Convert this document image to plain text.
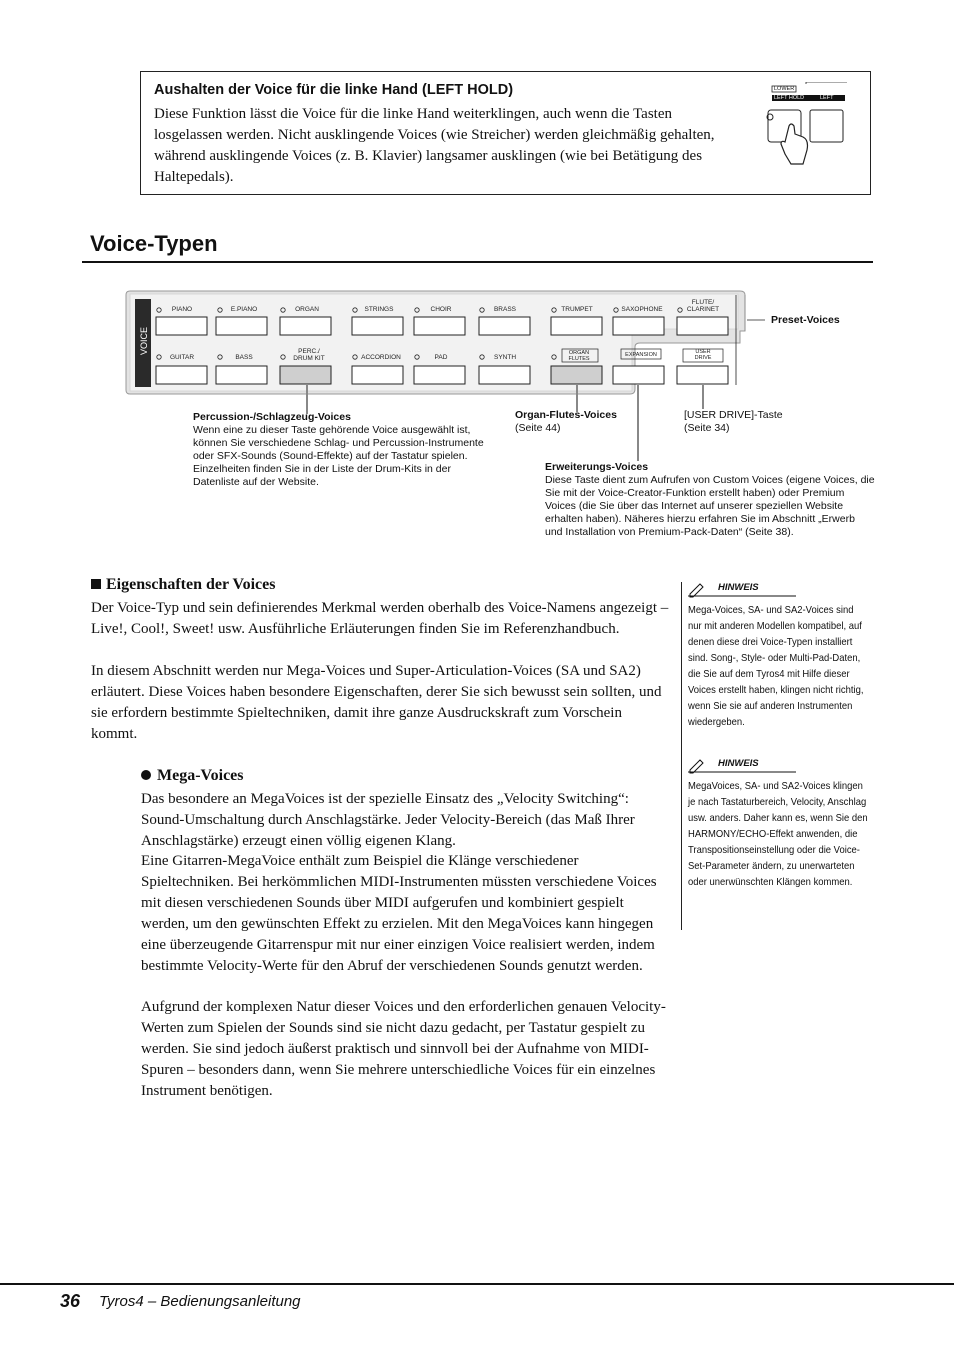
Aushalten der Voice für die linke Hand (LEFT HOLD)
Diese Funktion lässt die Voice für die linke Hand weiterklingen, auch wenn die Tasten losgelassen werden. Nicht ausklingende Voices (wie Streicher) werden gleichmäßig gehalten, während ausklingende Voices (z. B. Klavier) langsamer ausklingen (wie bei Betätigung des Haltepedals).
LOWER
LEFT HOLD	LEFT
Voice-Typen
VOICE
PIANO	E.PIANO	ORGAN	STRINGS	CHOIR	BRASS	TRUMPET	SAXOPHONE
FLUTE/
CLARINET
GUITAR	BASS
PERC./
DRUM KIT	ACCORDION	PAD	SYNTH
ORGAN
FLUTES
EXPANSION	USER
DRIVE
Preset-Voices
Percussion-/Schlagzeug-Voices
Wenn eine zu dieser Taste gehörende Voice ausgewählt ist, können Sie verschiedene Schlag- und Percussion-Instrumente oder SFX-Sounds (Sound-Effekte) auf der Tastatur spielen. Einzelheiten finden Sie in der Liste der Drum-Kits in der Datenliste auf der Website.
Organ-Flutes-Voices
(Seite 44)
[USER DRIVE]-Taste
(Seite 34)
Erweiterungs-Voices
Diese Taste dient zum Aufrufen von Custom Voices (eigene Voices, die Sie mit der Voice-Creator-Funktion erstellt haben) oder Premium Voices (die Sie über das Internet auf unserer speziellen Website erhalten haben). Näheres hierzu erfahren Sie im Abschnitt „Erwerb und Installation von Premium-Pack-Daten“ (Seite 38).
Eigenschaften der Voices
Der Voice-Typ und sein definierendes Merkmal werden oberhalb des Voice-Namens angezeigt – Live!, Cool!, Sweet! usw. Ausführliche Erläuterungen finden Sie im Referenzhandbuch.
In diesem Abschnitt werden nur Mega-Voices und Super-Articulation-Voices (SA und SA2) erläutert. Diese Voices haben besondere Eigenschaften, derer Sie sich bewusst sein sollten, und sie erfordern bestimmte Spieltechniken, damit ihre ganze Ausdruckskraft zum Vorschein kommt.
Mega-Voices
Das besondere an MegaVoices ist der spezielle Einsatz des „Velocity Switching“: Sound-Umschaltung durch Anschlagstärke. Jeder Velocity-Bereich (das Maß Ihrer Anschlagstärke) erzeugt einen völlig eigenen Klang.
Eine Gitarren-MegaVoice enthält zum Beispiel die Klänge verschiedener Spieltechniken. Bei herkömmlichen MIDI-Instrumenten müssten verschiedene Voices mit diesen verschiedenen Sounds über MIDI aufgerufen und kombiniert gespielt werden, um den gewünschten Effekt zu erzielen. Mit den MegaVoices kann hingegen eine überzeugende Gitarrenspur mit nur einer einzigen Voice realisiert werden, indem bestimmte Velocity-Werte für den Abruf der verschiedenen Sounds genutzt werden.
Aufgrund der komplexen Natur dieser Voices und den erforderlichen genauen Velocity-Werten zum Spielen der Sounds sind sie nicht dazu gedacht, per Tastatur gespielt zu werden. Sie sind jedoch äußerst praktisch und sinnvoll bei der Aufnahme von MIDI-Spuren – besonders dann, wenn Sie mehrere unterschiedliche Voices für ein einzelnes Instrument benötigen.
HINWEIS
Mega-Voices, SA- und SA2-Voices sind nur mit anderen Modellen kompatibel, auf denen diese drei Voice-Typen installiert sind. Song-, Style- oder Multi-Pad-Daten, die Sie auf dem Tyros4 mit Hilfe dieser Voices erstellt haben, klingen nicht richtig, wenn Sie sie auf anderen Instrumenten wiedergeben.
HINWEIS
MegaVoices, SA- und SA2-Voices klingen je nach Tastaturbereich, Velocity, Anschlag usw. anders. Daher kann es, wenn Sie den HARMONY/ECHO-Effekt anwenden, die Transpositionseinstellung oder die Voice-Set-Parameter ändern, zu unerwarteten oder unerwünschten Klängen kommen.
36 Tyros4 – Bedienungsanleitung
